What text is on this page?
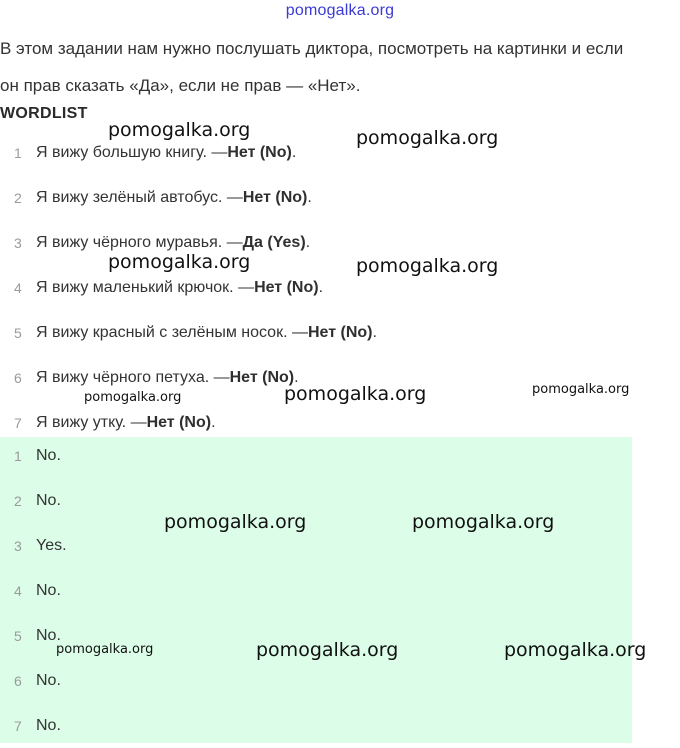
pomogalka.org
В этом задании нам нужно послушать диктора, посмотреть на картинки и если
он прав сказать «Да», если не прав — «Нет».
WORDLIST
1 Я вижу большую книгу. — Нет (No) .
2 Я вижу зелёный автобус. — Нет (No) .
3 Я вижу чёрного муравья. — Да (Yes) .
4 Я вижу маленький крючок. — Нет (No) .
5 Я вижу красный с зелёным носок. — Нет (No) .
6 Я вижу чёрного петуха. — Нет (No) .
7 Я вижу утку. — Нет (No) .
1 No.
2 No.
3 Yes.
4 No.
5 No.
6 No.
7 No.
pomogalka.org	pomogalka.org
pomogalka.org	pomogalka.org
pomogalka.org	pomogalka.org	pomogalka.org
pomogalka.org	pomogalka.org
pomogalka.org	pomogalka.org	pomogalka.org
